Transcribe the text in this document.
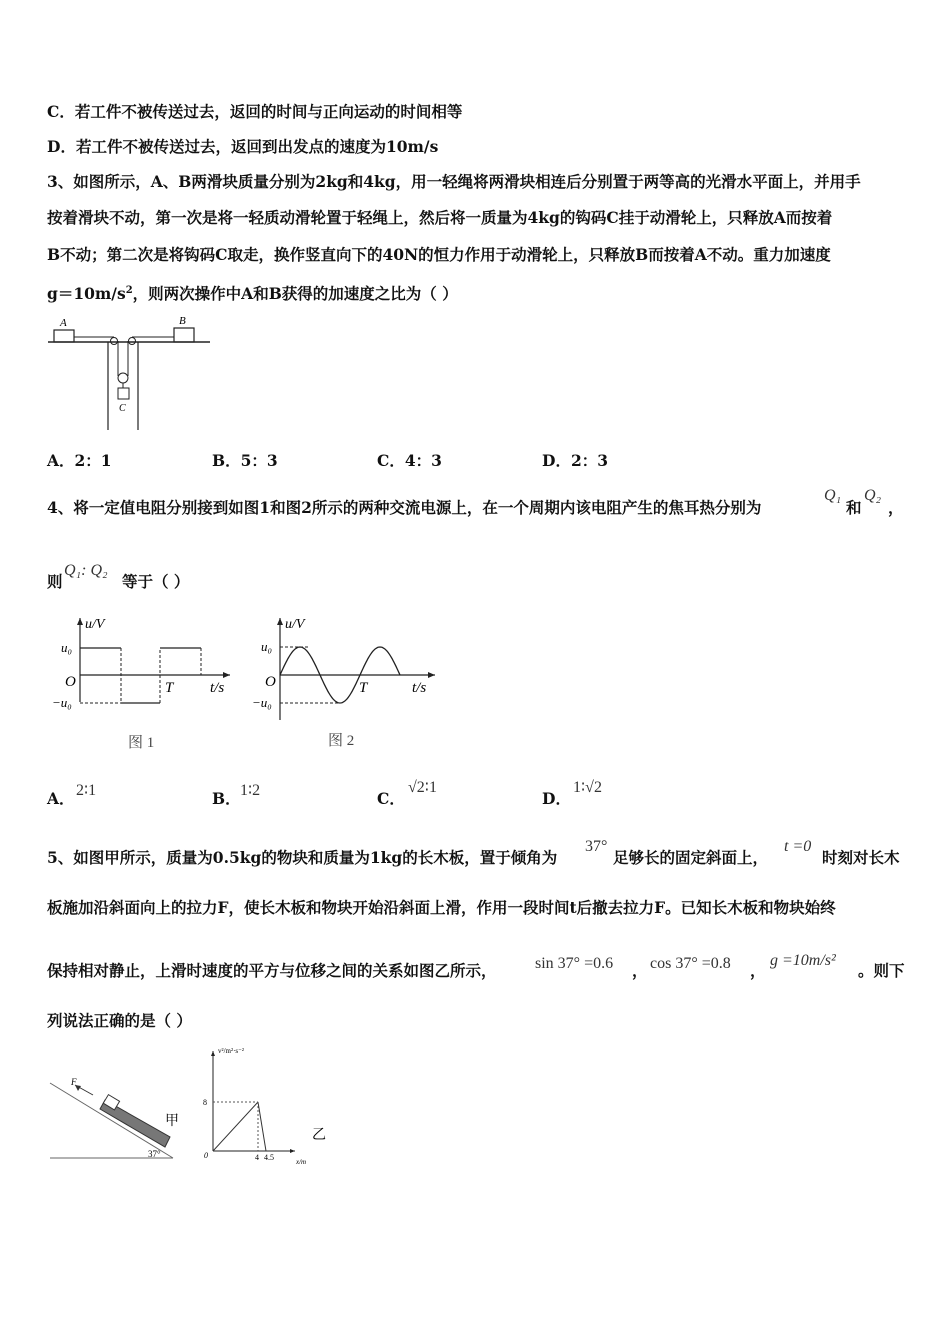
C．若工件不被传送过去，返回的时间与正向运动的时间相等
D．若工件不被传送过去，返回到出发点的速度为10m/s
3、如图所示，A、B两滑块质量分别为2kg和4kg，用一轻绳将两滑块相连后分别置于两等高的光滑水平面上，并用手
按着滑块不动，第一次是将一轻质动滑轮置于轻绳上，然后将一质量为4kg的钩码C挂于动滑轮上，只释放A而按着
B不动；第二次是将钩码C取走，换作竖直向下的40N的恒力作用于动滑轮上，只释放B而按着A不动。重力加速度
$g=10m/s^2$，则两次操作中A和B获得的加速度之比为（ ）
A	B
C
A．2：1	B．5：3	C．4：3	D．2：3
4、将一定值电阻分别接到如图1和图2所示的两种交流电源上，在一个周期内该电阻产生的焦耳热分别为
Q₁
和
Q₂
，
则
Q₁: Q₂
等于（ ）
u/V
u₀
−u₀
O	T t/s
图 1
u/V
u₀
−u₀
O	T	t/s
图 2
A． 2∶1	B． 1∶2	C．
√2∶1
D．
1∶√2
5、如图甲所示，质量为0.5kg的物块和质量为1kg的长木板，置于倾角为
37°
足够长的固定斜面上，
t =0
时刻对长木
板施加沿斜面向上的拉力F，使长木板和物块开始沿斜面上滑，作用一段时间t后撤去拉力F。已知长木板和物块始终
保持相对静止，上滑时速度的平方与位移之间的关系如图乙所示， sin 37° =0.6 ， cos 37° =0.8 ，
g =10m/s²
。则下
列说法正确的是（ ）
F
37°
甲
v²/m²·s⁻²
8
0	4 4.5	x/m
乙
